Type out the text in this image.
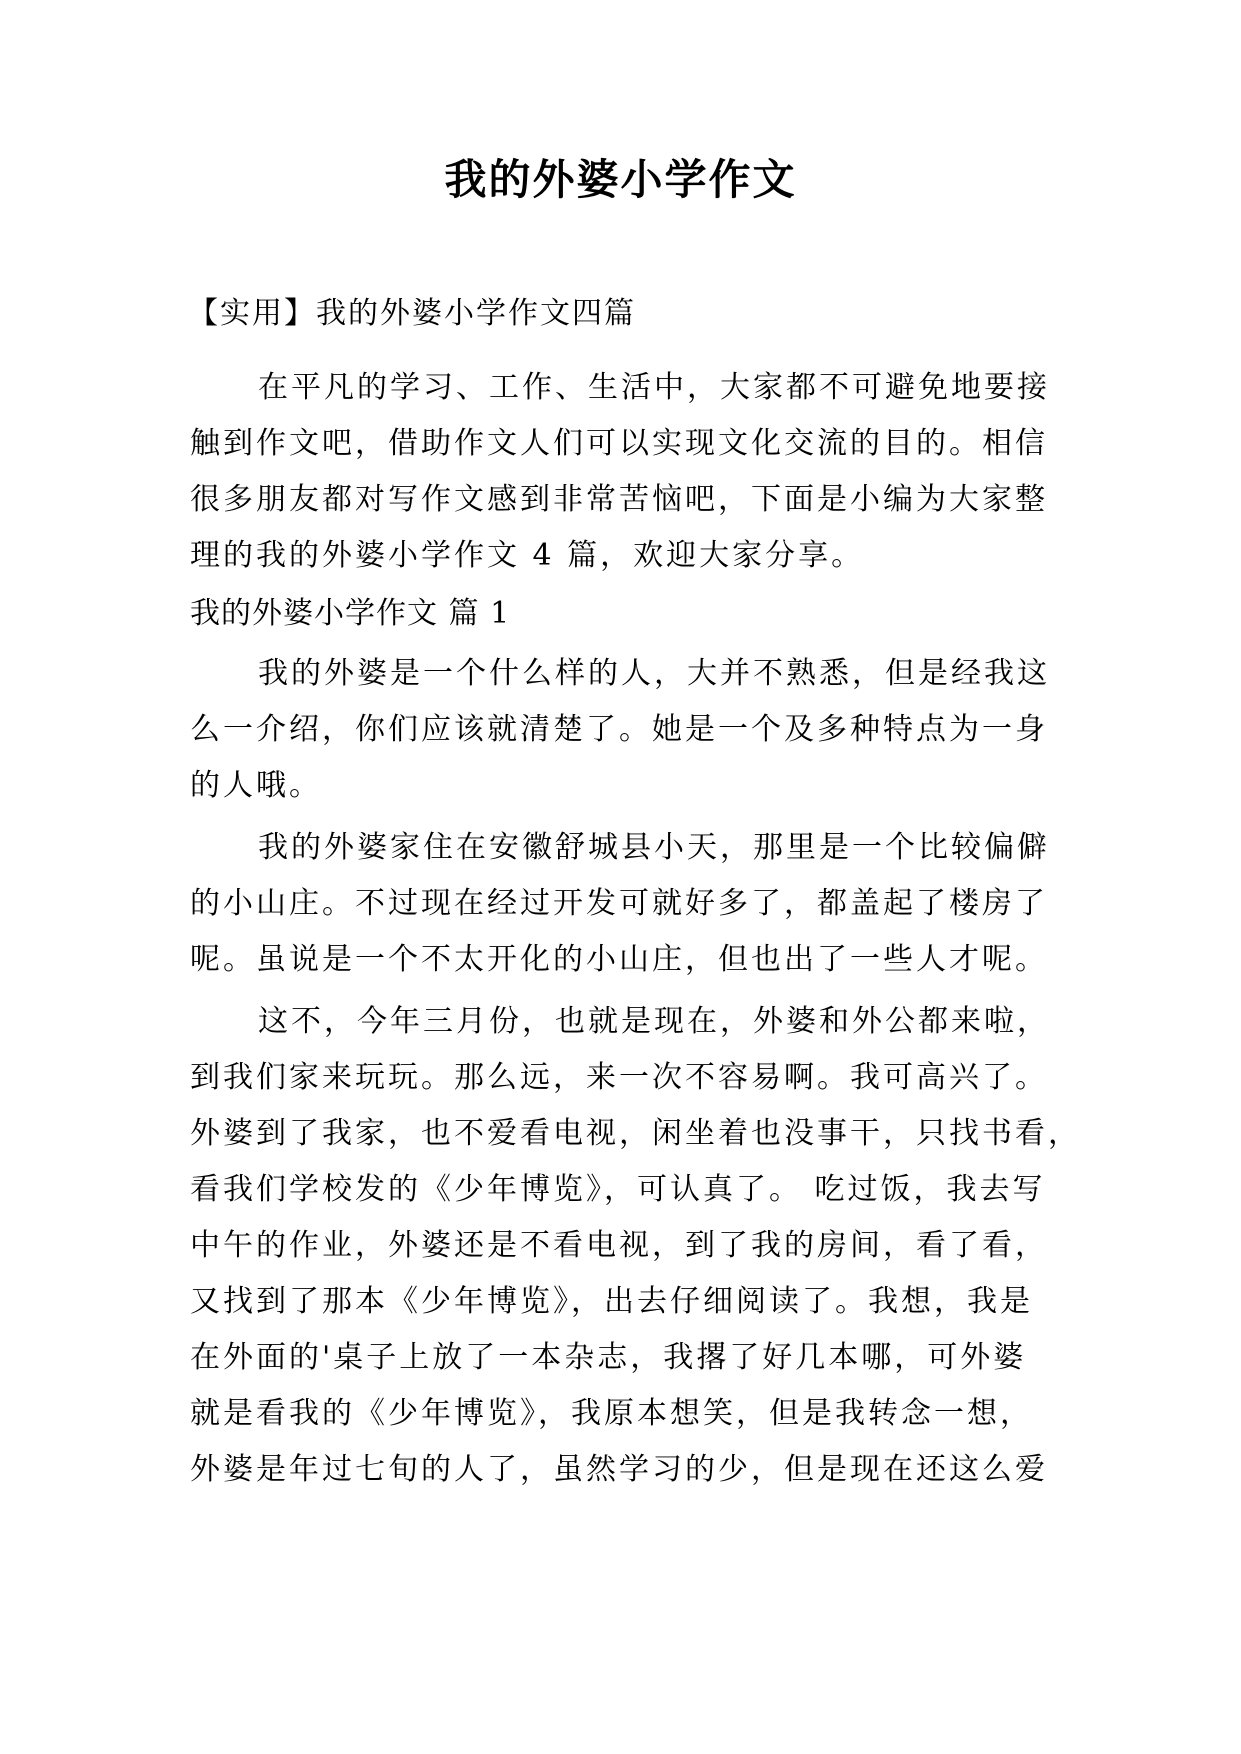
我的外婆小学作文
【实用】我的外婆小学作文四篇
在平凡的学习、工作、生活中，大家都不可避免地要接
触到作文吧，借助作文人们可以实现文化交流的目的。相信
很多朋友都对写作文感到非常苦恼吧，下面是小编为大家整
理的我的外婆小学作文 4 篇，欢迎大家分享。
我的外婆小学作文 篇 1
我的外婆是一个什么样的人，大并不熟悉，但是经我这
么一介绍，你们应该就清楚了。她是一个及多种特点为一身
的人哦。
我的外婆家住在安徽舒城县小天，那里是一个比较偏僻
的小山庄。不过现在经过开发可就好多了，都盖起了楼房了
呢。虽说是一个不太开化的小山庄，但也出了一些人才呢。
这不，今年三月份，也就是现在，外婆和外公都来啦，
到我们家来玩玩。那么远，来一次不容易啊。我可高兴了。
外婆到了我家，也不爱看电视，闲坐着也没事干，只找书看，
看我们学校发的《少年博览》，可认真了。 吃过饭，我去写
中午的作业，外婆还是不看电视，到了我的房间，看了看，
又找到了那本《少年博览》，出去仔细阅读了。我想，我是
在外面的'桌子上放了一本杂志，我撂了好几本哪，可外婆
就是看我的《少年博览》，我原本想笑，但是我转念一想，
外婆是年过七旬的人了，虽然学习的少，但是现在还这么爱
